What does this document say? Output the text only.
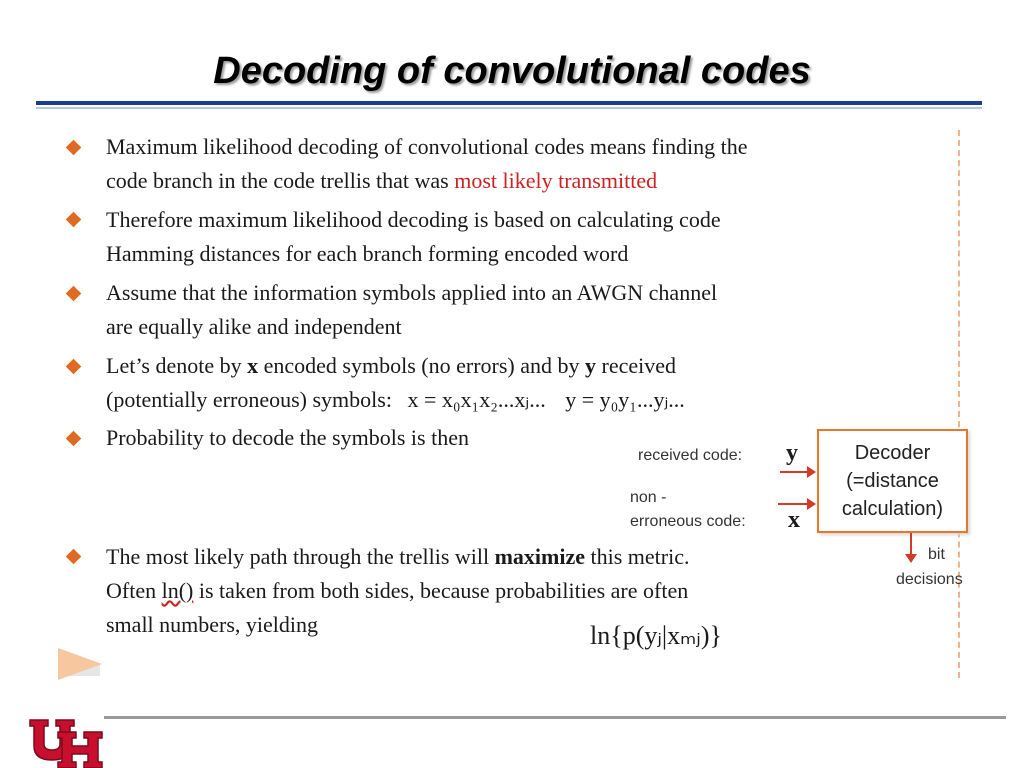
Decoding of convolutional codes
Maximum likelihood decoding of convolutional codes means finding the
code branch in the code trellis that was most likely transmitted
Therefore maximum likelihood decoding is based on calculating code
Hamming distances for each branch forming encoded word
Assume that the information symbols applied into an AWGN channel
are equally alike and independent
Let’s denote by x encoded symbols (no errors) and by y received
(potentially erroneous) symbols: x = x₀x₁x₂...xⱼ... y = y₀y₁...yⱼ...
Probability to decode the symbols is then
received code: y
non -
erroneous code: x
Decoder
(=distance
calculation)
bit
decisions
The most likely path through the trellis will maximize this metric.
Often ln() is taken from both sides, because probabilities are often
small numbers, yielding	ln{p(yⱼ|xₘⱼ)}
